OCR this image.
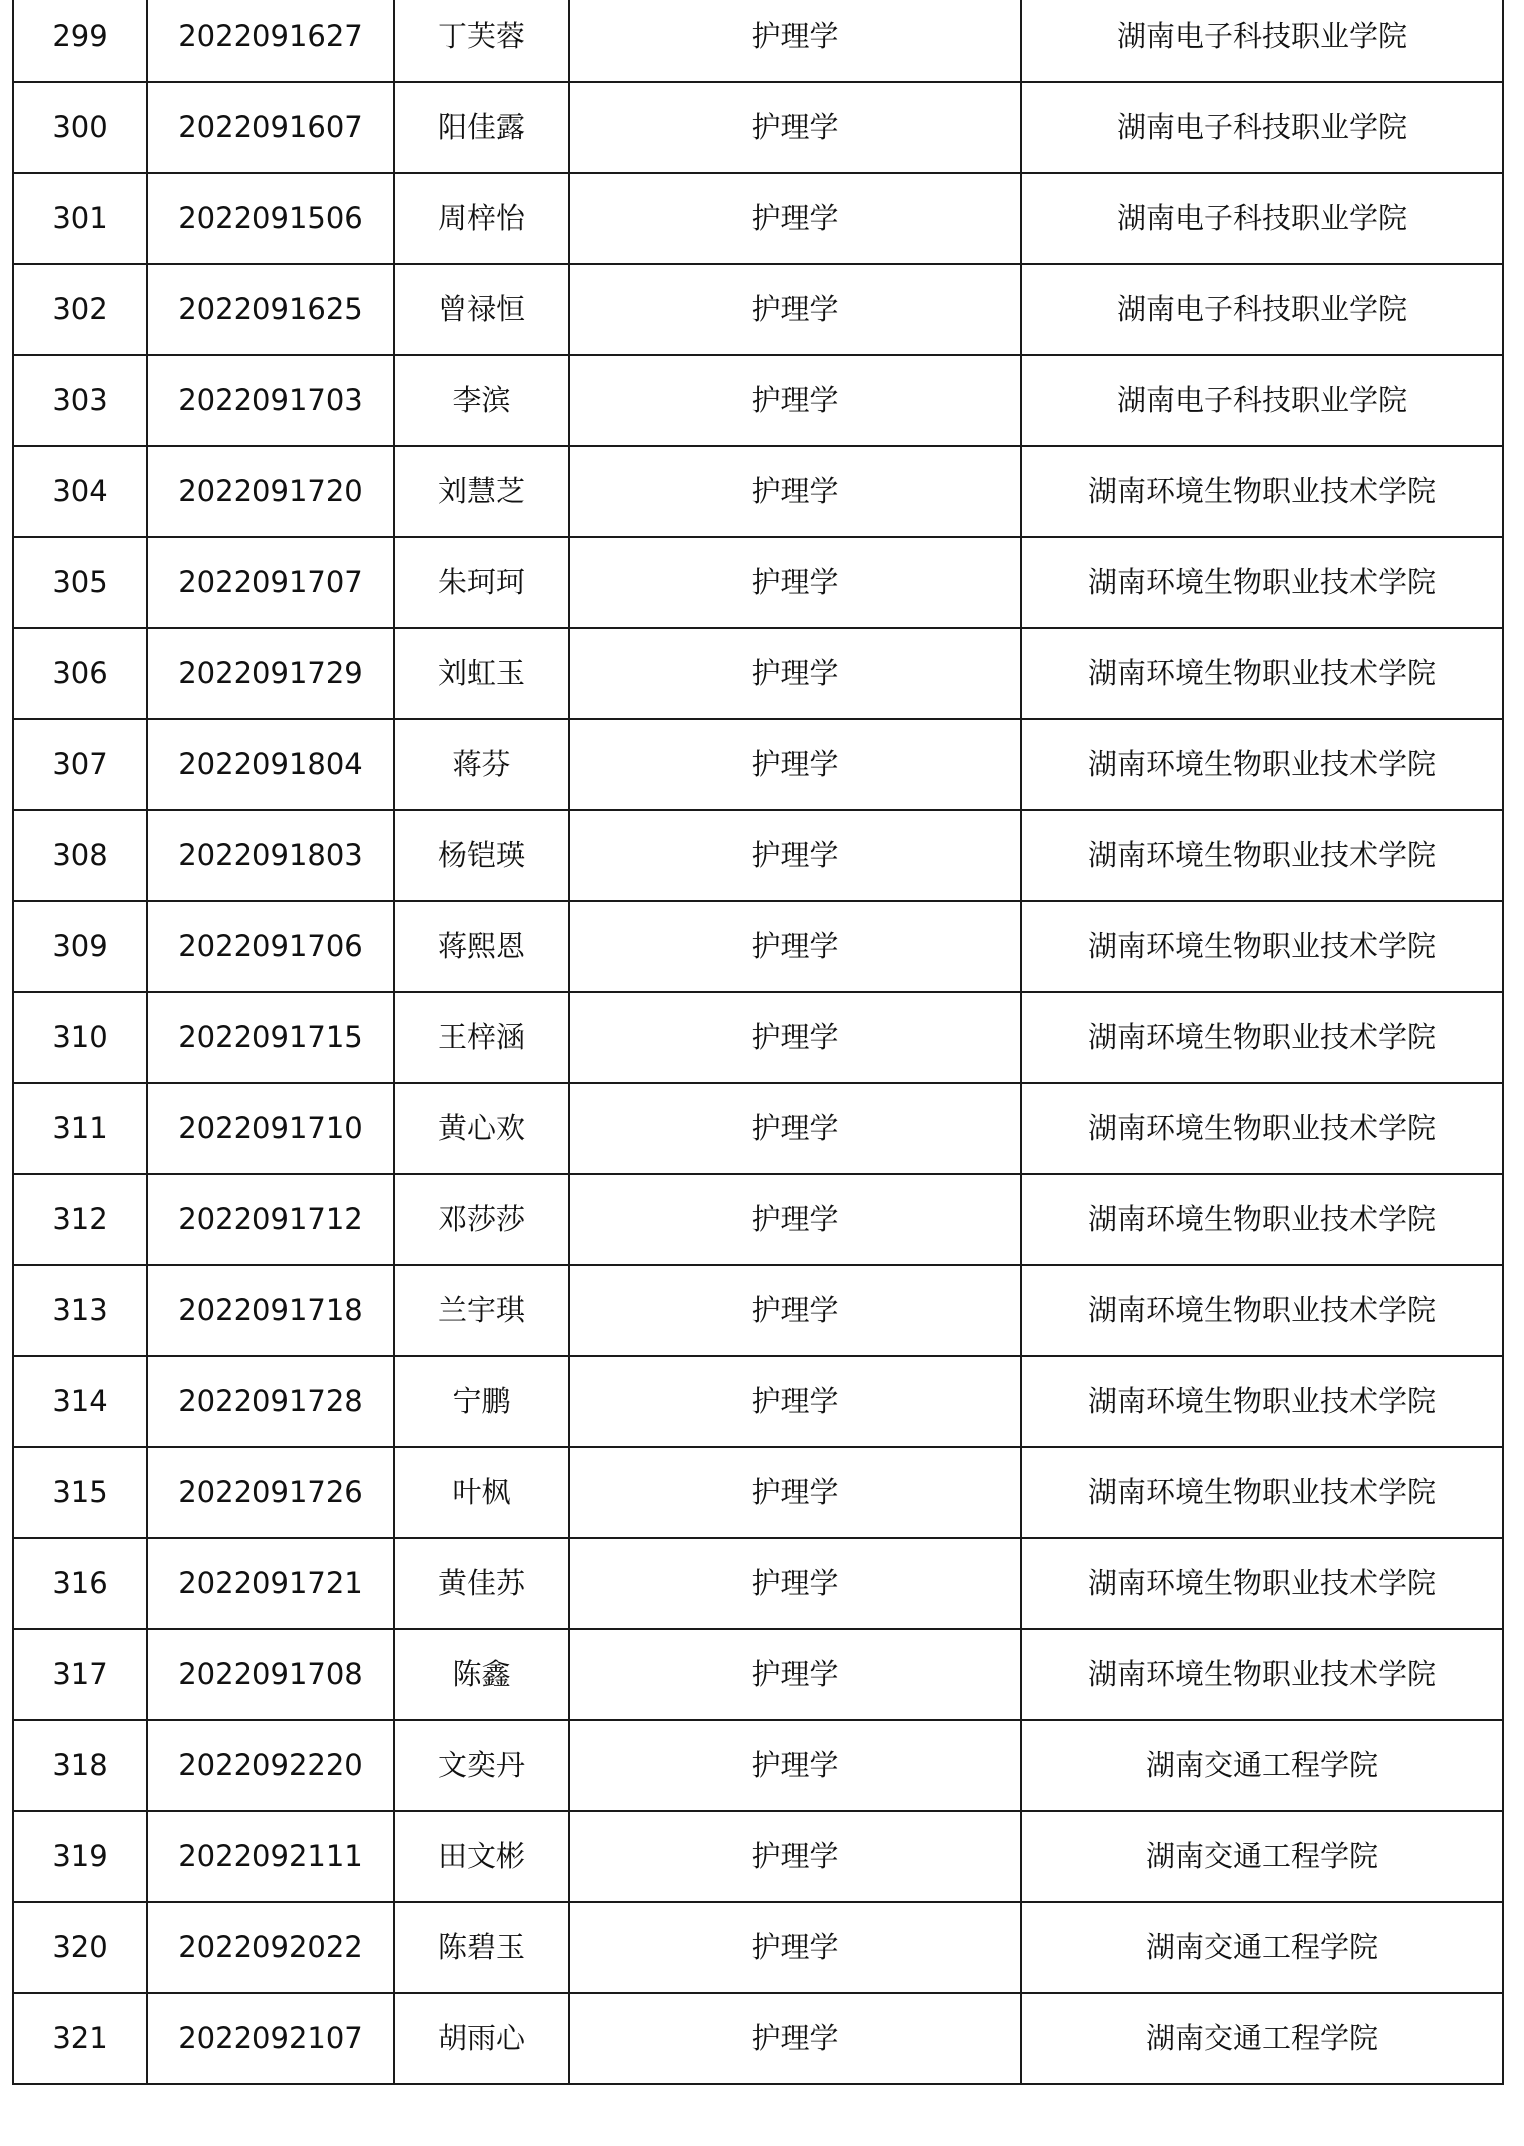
299	2022091627	丁芙蓉	护理学	湖南电子科技职业学院
300	2022091607	阳佳露	护理学	湖南电子科技职业学院
301	2022091506	周梓怡	护理学	湖南电子科技职业学院
302	2022091625	曾禄恒	护理学	湖南电子科技职业学院
303	2022091703	李滨	护理学	湖南电子科技职业学院
304	2022091720	刘慧芝	护理学	湖南环境生物职业技术学院
305	2022091707	朱珂珂	护理学	湖南环境生物职业技术学院
306	2022091729	刘虹玉	护理学	湖南环境生物职业技术学院
307	2022091804	蒋芬	护理学	湖南环境生物职业技术学院
308	2022091803	杨铠瑛	护理学	湖南环境生物职业技术学院
309	2022091706	蒋熙恩	护理学	湖南环境生物职业技术学院
310	2022091715	王梓涵	护理学	湖南环境生物职业技术学院
311	2022091710	黄心欢	护理学	湖南环境生物职业技术学院
312	2022091712	邓莎莎	护理学	湖南环境生物职业技术学院
313	2022091718	兰宇琪	护理学	湖南环境生物职业技术学院
314	2022091728	宁鹏	护理学	湖南环境生物职业技术学院
315	2022091726	叶枫	护理学	湖南环境生物职业技术学院
316	2022091721	黄佳苏	护理学	湖南环境生物职业技术学院
317	2022091708	陈鑫	护理学	湖南环境生物职业技术学院
318	2022092220	文奕丹	护理学	湖南交通工程学院
319	2022092111	田文彬	护理学	湖南交通工程学院
320	2022092022	陈碧玉	护理学	湖南交通工程学院
321	2022092107	胡雨心	护理学	湖南交通工程学院
